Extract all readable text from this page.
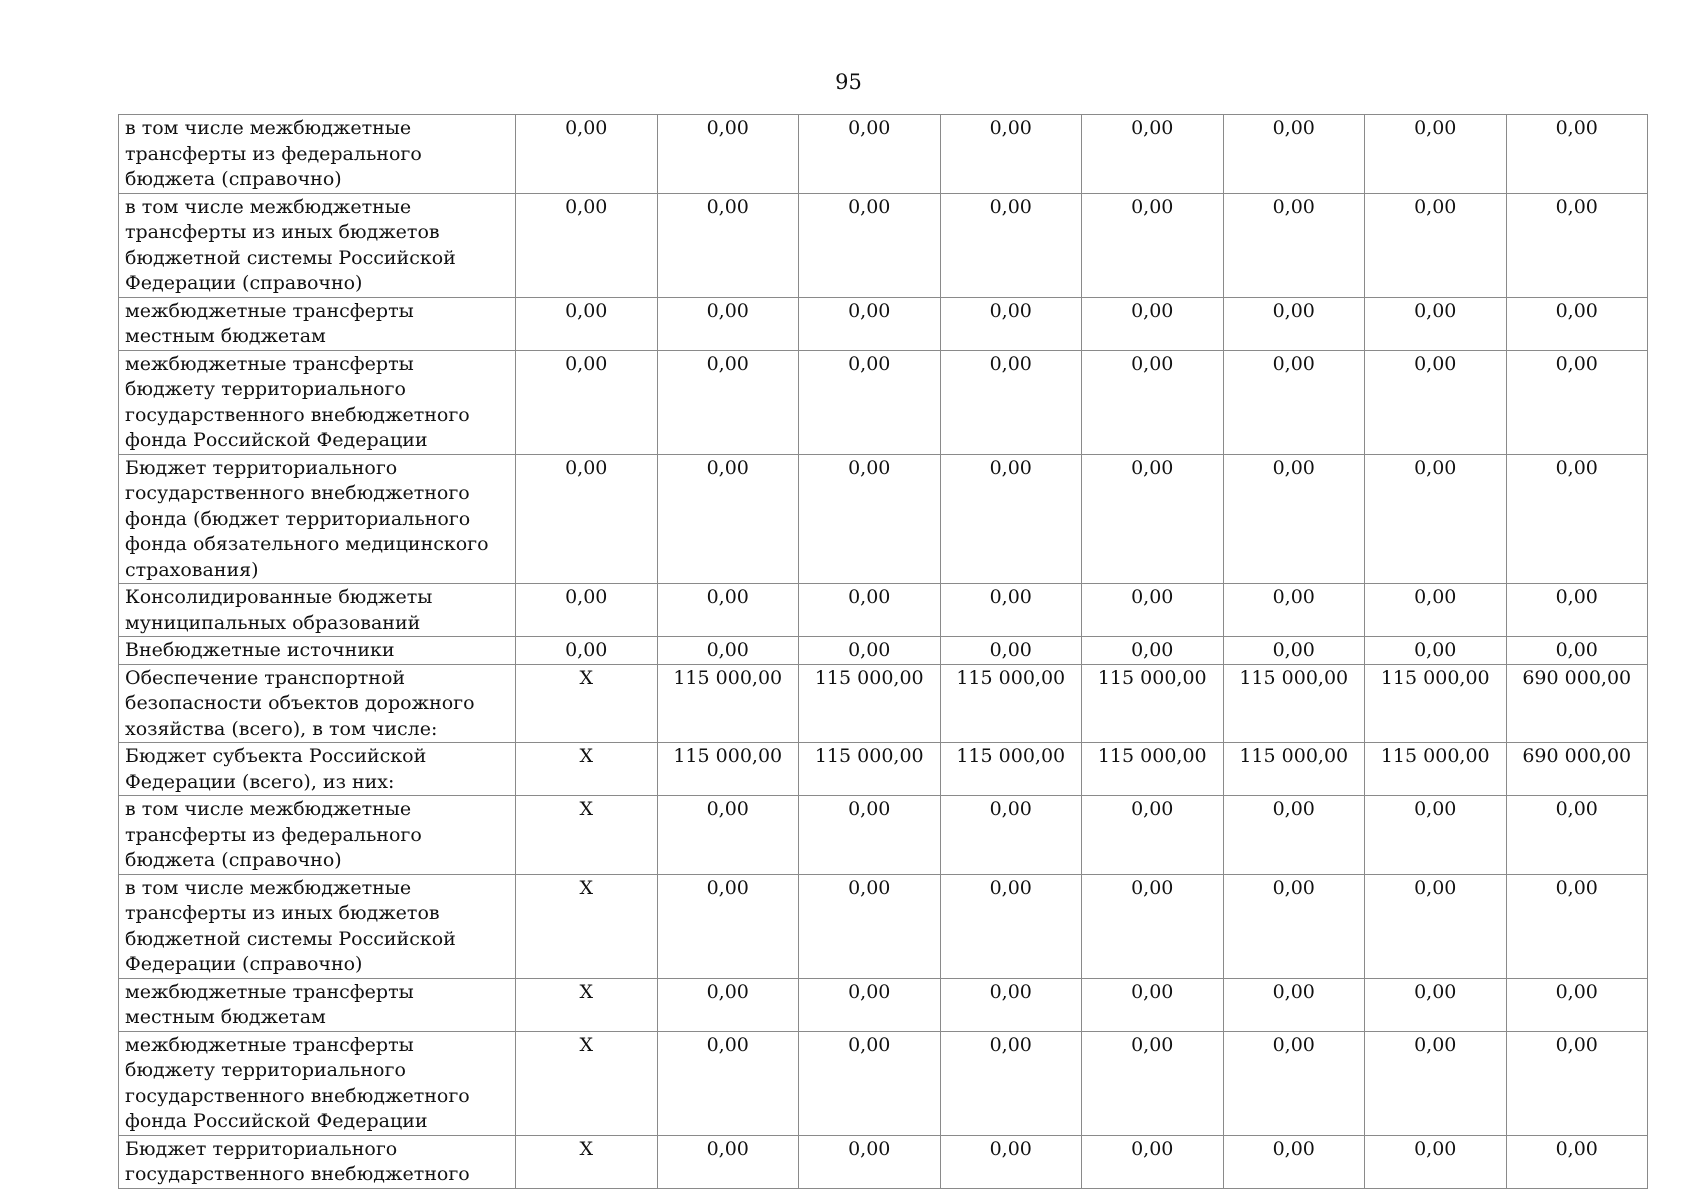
95
в том числе межбюджетные трансферты из федерального бюджета (справочно)	0,00	0,00	0,00	0,00	0,00	0,00	0,00	0,00
в том числе межбюджетные трансферты из иных бюджетов бюджетной системы Российской Федерации (справочно)	0,00	0,00	0,00	0,00	0,00	0,00	0,00	0,00
межбюджетные трансферты местным бюджетам	0,00	0,00	0,00	0,00	0,00	0,00	0,00	0,00
межбюджетные трансферты бюджету территориального государственного внебюджетного фонда Российской Федерации	0,00	0,00	0,00	0,00	0,00	0,00	0,00	0,00
Бюджет территориального государственного внебюджетного фонда (бюджет территориального фонда обязательного медицинского страхования)	0,00	0,00	0,00	0,00	0,00	0,00	0,00	0,00
Консолидированные бюджеты муниципальных образований	0,00	0,00	0,00	0,00	0,00	0,00	0,00	0,00
Внебюджетные источники	0,00	0,00	0,00	0,00	0,00	0,00	0,00	0,00
Обеспечение транспортной безопасности объектов дорожного хозяйства (всего), в том числе:	X	115 000,00	115 000,00	115 000,00	115 000,00	115 000,00	115 000,00	690 000,00
Бюджет субъекта Российской Федерации (всего), из них:	X	115 000,00	115 000,00	115 000,00	115 000,00	115 000,00	115 000,00	690 000,00
в том числе межбюджетные трансферты из федерального бюджета (справочно)	X	0,00	0,00	0,00	0,00	0,00	0,00	0,00
в том числе межбюджетные трансферты из иных бюджетов бюджетной системы Российской Федерации (справочно)	X	0,00	0,00	0,00	0,00	0,00	0,00	0,00
межбюджетные трансферты местным бюджетам	X	0,00	0,00	0,00	0,00	0,00	0,00	0,00
межбюджетные трансферты бюджету территориального государственного внебюджетного фонда Российской Федерации	X	0,00	0,00	0,00	0,00	0,00	0,00	0,00
Бюджет территориального государственного внебюджетного	X	0,00	0,00	0,00	0,00	0,00	0,00	0,00
